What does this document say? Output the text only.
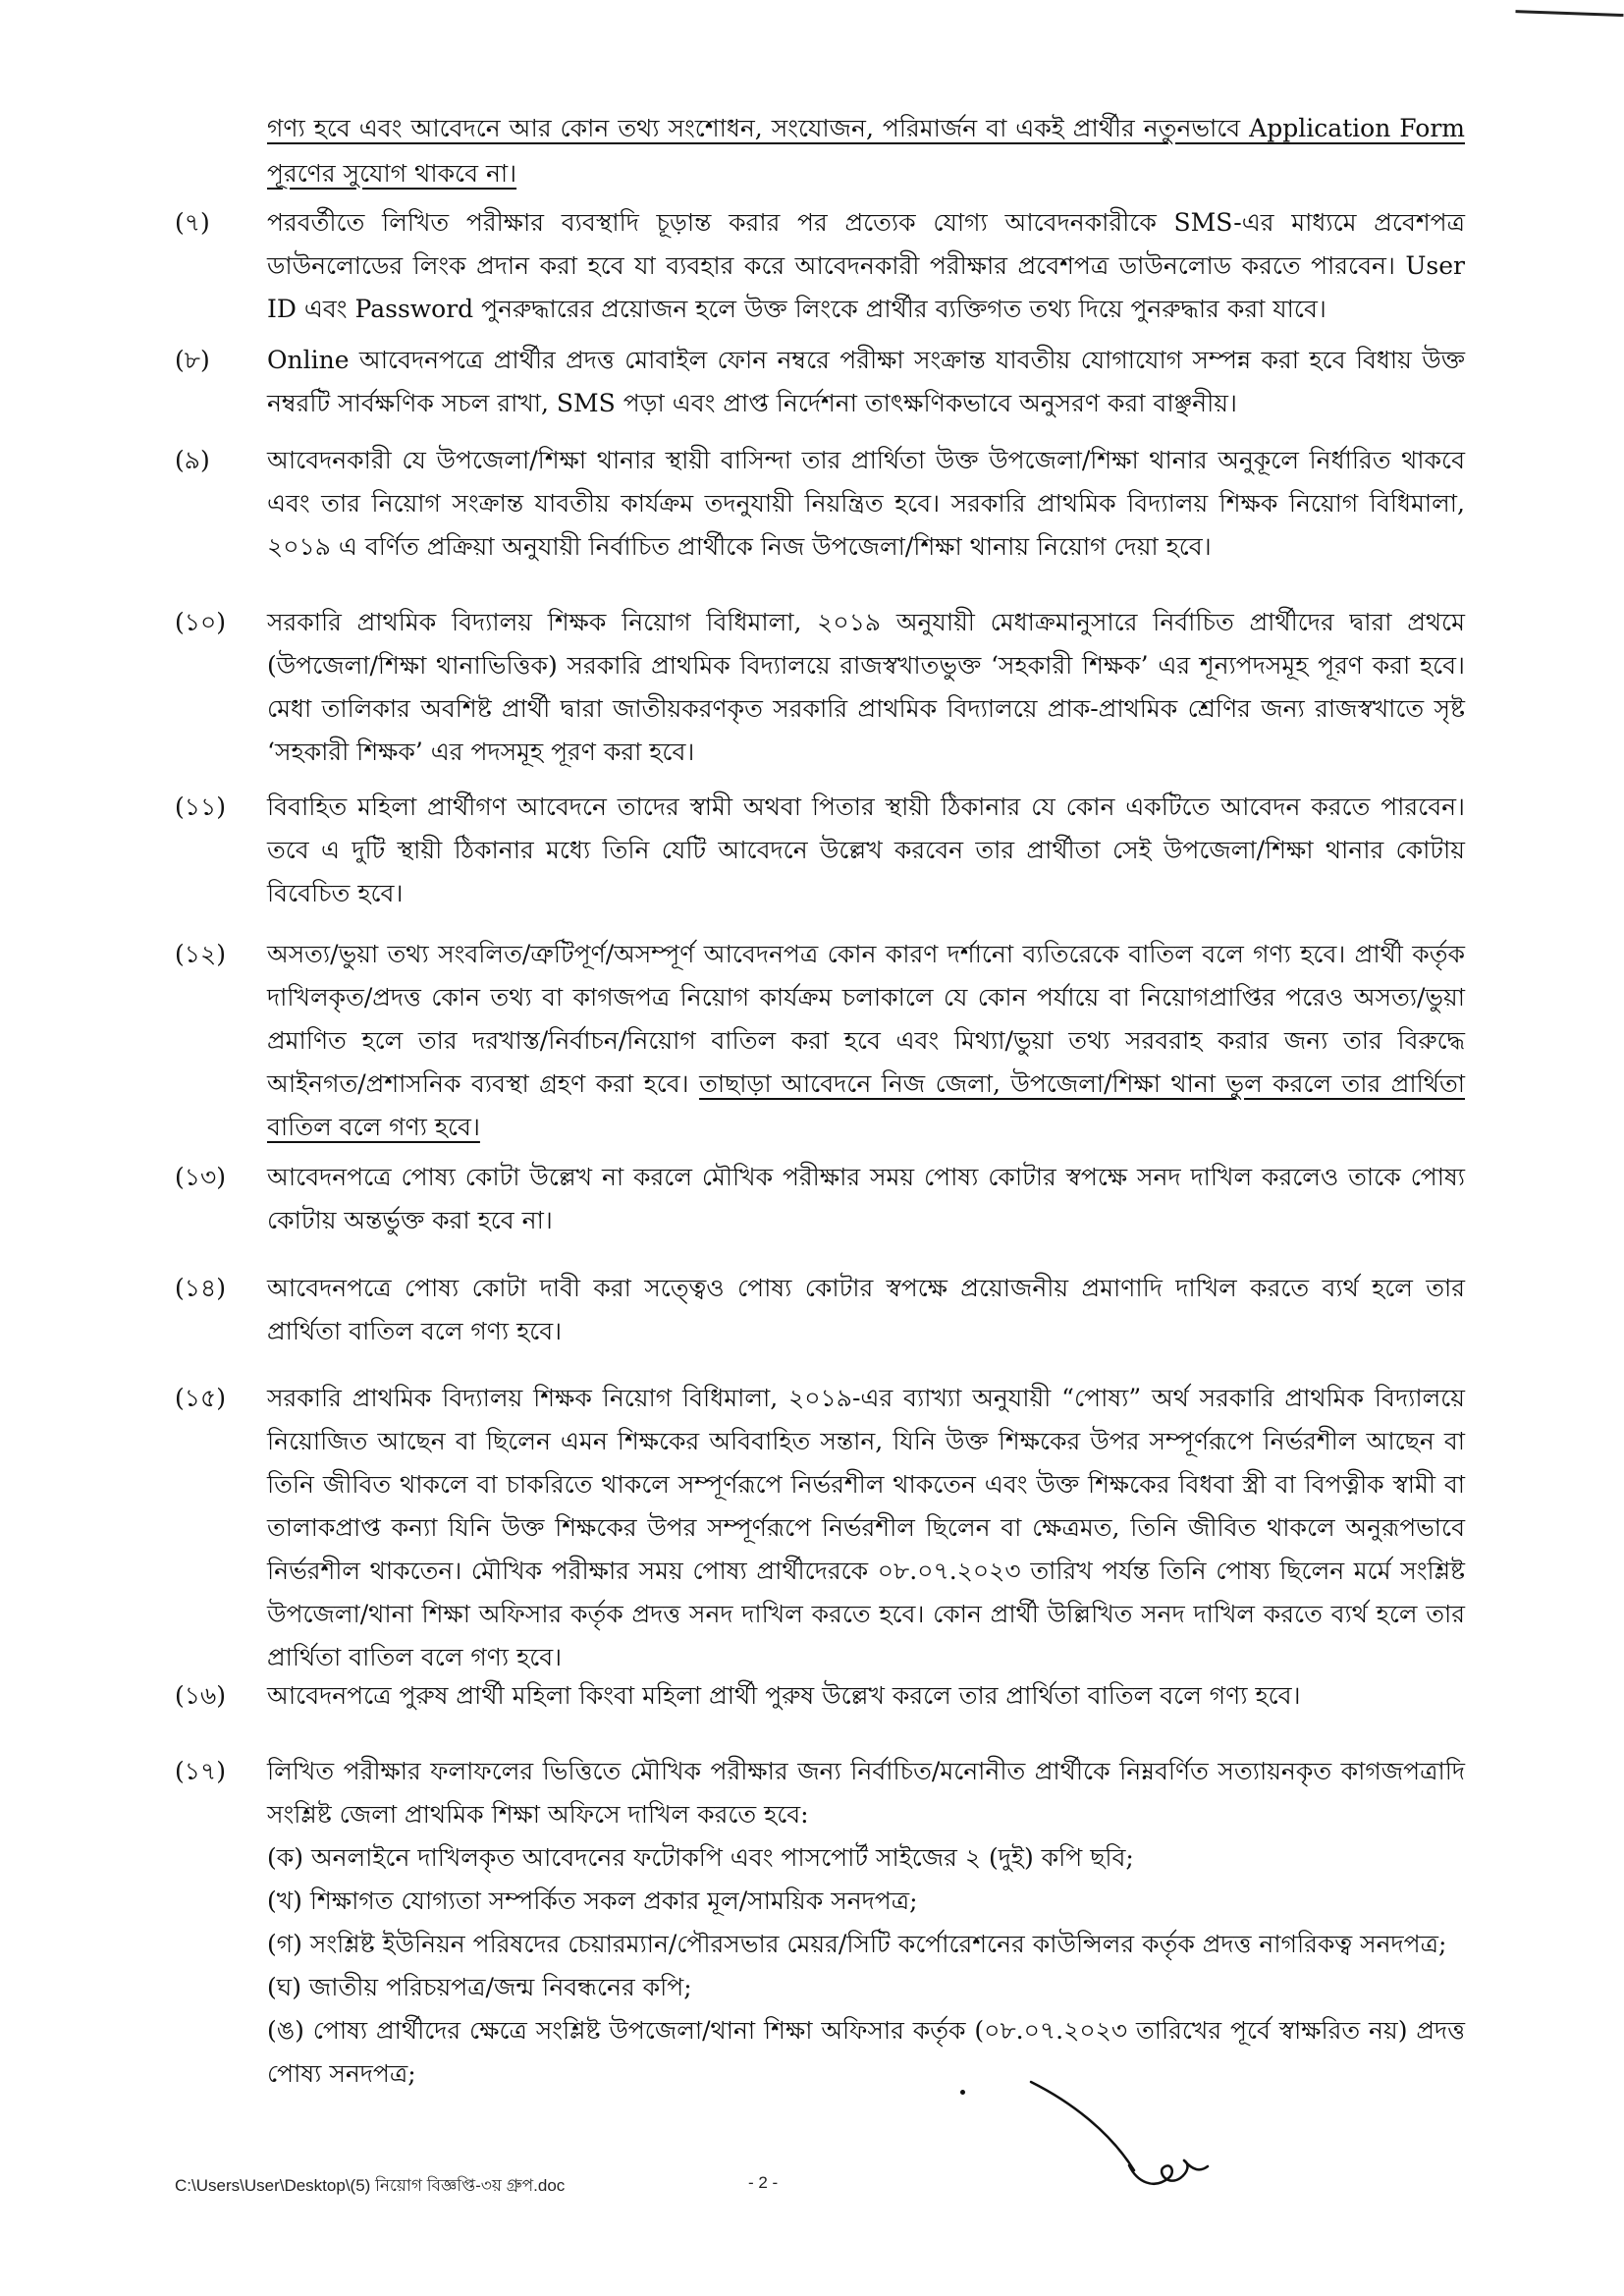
গণ্য হবে এবং আবেদনে আর কোন তথ্য সংশোধন, সংযোজন, পরিমার্জন বা একই প্রার্থীর নতুনভাবে Application Form পূরণের সুযোগ থাকবে না।
(৭)	পরবর্তীতে লিখিত পরীক্ষার ব্যবস্থাদি চূড়ান্ত করার পর প্রত্যেক যোগ্য আবেদনকারীকে SMS-এর মাধ্যমে প্রবেশপত্র ডাউনলোডের লিংক প্রদান করা হবে যা ব্যবহার করে আবেদনকারী পরীক্ষার প্রবেশপত্র ডাউনলোড করতে পারবেন। User ID এবং Password পুনরুদ্ধারের প্রয়োজন হলে উক্ত লিংকে প্রার্থীর ব্যক্তিগত তথ্য দিয়ে পুনরুদ্ধার করা যাবে।
(৮)	Online আবেদনপত্রে প্রার্থীর প্রদত্ত মোবাইল ফোন নম্বরে পরীক্ষা সংক্রান্ত যাবতীয় যোগাযোগ সম্পন্ন করা হবে বিধায় উক্ত নম্বরটি সার্বক্ষণিক সচল রাখা, SMS পড়া এবং প্রাপ্ত নির্দেশনা তাৎক্ষণিকভাবে অনুসরণ করা বাঞ্ছনীয়।
(৯)	আবেদনকারী যে উপজেলা/শিক্ষা থানার স্থায়ী বাসিন্দা তার প্রার্থিতা উক্ত উপজেলা/শিক্ষা থানার অনুকূলে নির্ধারিত থাকবে এবং তার নিয়োগ সংক্রান্ত যাবতীয় কার্যক্রম তদনুযায়ী নিয়ন্ত্রিত হবে। সরকারি প্রাথমিক বিদ্যালয় শিক্ষক নিয়োগ বিধিমালা, ২০১৯ এ বর্ণিত প্রক্রিয়া অনুযায়ী নির্বাচিত প্রার্থীকে নিজ উপজেলা/শিক্ষা থানায় নিয়োগ দেয়া হবে।
(১০)	সরকারি প্রাথমিক বিদ্যালয় শিক্ষক নিয়োগ বিধিমালা, ২০১৯ অনুযায়ী মেধাক্রমানুসারে নির্বাচিত প্রার্থীদের দ্বারা প্রথমে (উপজেলা/শিক্ষা থানাভিত্তিক) সরকারি প্রাথমিক বিদ্যালয়ে রাজস্বখাতভুক্ত ‘সহকারী শিক্ষক’ এর শূন্যপদসমূহ পূরণ করা হবে। মেধা তালিকার অবশিষ্ট প্রার্থী দ্বারা জাতীয়করণকৃত সরকারি প্রাথমিক বিদ্যালয়ে প্রাক-প্রাথমিক শ্রেণির জন্য রাজস্বখাতে সৃষ্ট ‘সহকারী শিক্ষক’ এর পদসমূহ পূরণ করা হবে।
(১১)	বিবাহিত মহিলা প্রার্থীগণ আবেদনে তাদের স্বামী অথবা পিতার স্থায়ী ঠিকানার যে কোন একটিতে আবেদন করতে পারবেন। তবে এ দুটি স্থায়ী ঠিকানার মধ্যে তিনি যেটি আবেদনে উল্লেখ করবেন তার প্রার্থীতা সেই উপজেলা/শিক্ষা থানার কোটায় বিবেচিত হবে।
(১২)	অসত্য/ভুয়া তথ্য সংবলিত/ত্রুটিপূর্ণ/অসম্পূর্ণ আবেদনপত্র কোন কারণ দর্শানো ব্যতিরেকে বাতিল বলে গণ্য হবে। প্রার্থী কর্তৃক দাখিলকৃত/প্রদত্ত কোন তথ্য বা কাগজপত্র নিয়োগ কার্যক্রম চলাকালে যে কোন পর্যায়ে বা নিয়োগপ্রাপ্তির পরেও অসত্য/ভুয়া প্রমাণিত হলে তার দরখাস্ত/নির্বাচন/নিয়োগ বাতিল করা হবে এবং মিথ্যা/ভুয়া তথ্য সরবরাহ করার জন্য তার বিরুদ্ধে আইনগত/প্রশাসনিক ব্যবস্থা গ্রহণ করা হবে। তাছাড়া আবেদনে নিজ জেলা, উপজেলা/শিক্ষা থানা ভুল করলে তার প্রার্থিতা বাতিল বলে গণ্য হবে।
(১৩)	আবেদনপত্রে পোষ্য কোটা উল্লেখ না করলে মৌখিক পরীক্ষার সময় পোষ্য কোটার স্বপক্ষে সনদ দাখিল করলেও তাকে পোষ্য কোটায় অন্তর্ভুক্ত করা হবে না।
(১৪)	আবেদনপত্রে পোষ্য কোটা দাবী করা সত্ত্বেও পোষ্য কোটার স্বপক্ষে প্রয়োজনীয় প্রমাণাদি দাখিল করতে ব্যর্থ হলে তার প্রার্থিতা বাতিল বলে গণ্য হবে।
(১৫)	সরকারি প্রাথমিক বিদ্যালয় শিক্ষক নিয়োগ বিধিমালা, ২০১৯-এর ব্যাখ্যা অনুযায়ী “পোষ্য” অর্থ সরকারি প্রাথমিক বিদ্যালয়ে নিয়োজিত আছেন বা ছিলেন এমন শিক্ষকের অবিবাহিত সন্তান, যিনি উক্ত শিক্ষকের উপর সম্পূর্ণরূপে নির্ভরশীল আছেন বা তিনি জীবিত থাকলে বা চাকরিতে থাকলে সম্পূর্ণরূপে নির্ভরশীল থাকতেন এবং উক্ত শিক্ষকের বিধবা স্ত্রী বা বিপত্নীক স্বামী বা তালাকপ্রাপ্ত কন্যা যিনি উক্ত শিক্ষকের উপর সম্পূর্ণরূপে নির্ভরশীল ছিলেন বা ক্ষেত্রমত, তিনি জীবিত থাকলে অনুরূপভাবে নির্ভরশীল থাকতেন। মৌখিক পরীক্ষার সময় পোষ্য প্রার্থীদেরকে ০৮.০৭.২০২৩ তারিখ পর্যন্ত তিনি পোষ্য ছিলেন মর্মে সংশ্লিষ্ট উপজেলা/থানা শিক্ষা অফিসার কর্তৃক প্রদত্ত সনদ দাখিল করতে হবে। কোন প্রার্থী উল্লিখিত সনদ দাখিল করতে ব্যর্থ হলে তার প্রার্থিতা বাতিল বলে গণ্য হবে।
(১৬)	আবেদনপত্রে পুরুষ প্রার্থী মহিলা কিংবা মহিলা প্রার্থী পুরুষ উল্লেখ করলে তার প্রার্থিতা বাতিল বলে গণ্য হবে।
(১৭)	লিখিত পরীক্ষার ফলাফলের ভিত্তিতে মৌখিক পরীক্ষার জন্য নির্বাচিত/মনোনীত প্রার্থীকে নিম্নবর্ণিত সত্যায়নকৃত কাগজপত্রাদি সংশ্লিষ্ট জেলা প্রাথমিক শিক্ষা অফিসে দাখিল করতে হবে:
(ক) অনলাইনে দাখিলকৃত আবেদনের ফটোকপি এবং পাসপোর্ট সাইজের ২ (দুই) কপি ছবি;
(খ) শিক্ষাগত যোগ্যতা সম্পর্কিত সকল প্রকার মূল/সাময়িক সনদপত্র;
(গ) সংশ্লিষ্ট ইউনিয়ন পরিষদের চেয়ারম্যান/পৌরসভার মেয়র/সিটি কর্পোরেশনের কাউন্সিলর কর্তৃক প্রদত্ত নাগরিকত্ব সনদপত্র;
(ঘ) জাতীয় পরিচয়পত্র/জন্ম নিবন্ধনের কপি;
(ঙ) পোষ্য প্রার্থীদের ক্ষেত্রে সংশ্লিষ্ট উপজেলা/থানা শিক্ষা অফিসার কর্তৃক (০৮.০৭.২০২৩ তারিখের পূর্বে স্বাক্ষরিত নয়) প্রদত্ত পোষ্য সনদপত্র;
C:\Users\User\Desktop\(5) নিয়োগ বিজ্ঞপ্তি-৩য় গ্রুপ.doc	- 2 -
